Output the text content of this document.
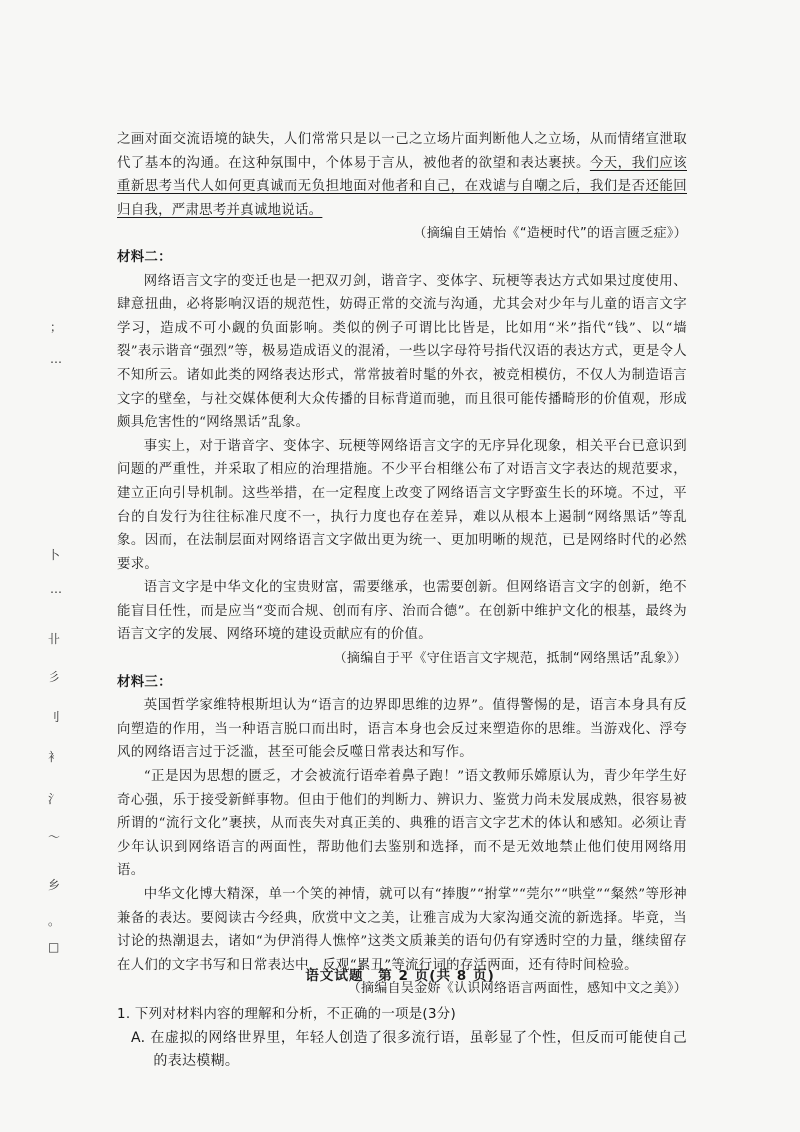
之画对面交流语境的缺失，人们常常只是以一己之立场片面判断他人之立场，从而情绪宣泄取代了基本的沟通。在这种氛围中，个体易于言从，被他者的欲望和表达裹挟。今天，我们应该重新思考当代人如何更真诚而无负担地面对他者和自己，在戏谑与自嘲之后，我们是否还能回归自我，严肃思考并真诚地说话。

（摘编自王婧怡《“造梗时代”的语言匮乏症》）

材料二：

网络语言文字的变迁也是一把双刃剑，谐音字、变体字、玩梗等表达方式如果过度使用、肆意扭曲，必将影响汉语的规范性，妨碍正常的交流与沟通，尤其会对少年与儿童的语言文字学习，造成不可小觑的负面影响。类似的例子可谓比比皆是，比如用“米”指代“钱”、以“墙裂”表示谐音“强烈”等，极易造成语义的混淆，一些以字母符号指代汉语的表达方式，更是令人不知所云。诸如此类的网络表达形式，常常披着时髦的外衣，被竞相模仿，不仅人为制造语言文字的壁垒，与社交媒体便利大众传播的目标背道而驰，而且很可能传播畸形的价值观，形成颇具危害性的“网络黑话”乱象。

事实上，对于谐音字、变体字、玩梗等网络语言文字的无序异化现象，相关平台已意识到问题的严重性，并采取了相应的治理措施。不少平台相继公布了对语言文字表达的规范要求，建立正向引导机制。这些举措，在一定程度上改变了网络语言文字野蛮生长的环境。不过，平台的自发行为往往标准尺度不一，执行力度也存在差异，难以从根本上遏制“网络黑话”等乱象。因而，在法制层面对网络语言文字做出更为统一、更加明晰的规范，已是网络时代的必然要求。

语言文字是中华文化的宝贵财富，需要继承，也需要创新。但网络语言文字的创新，绝不能盲目任性，而是应当“变而合规、创而有序、治而合德”。在创新中维护文化的根基，最终为语言文字的发展、网络环境的建设贡献应有的价值。

（摘编自于平《守住语言文字规范，抵制“网络黑话”乱象》）

材料三：

英国哲学家维特根斯坦认为“语言的边界即思维的边界”。值得警惕的是，语言本身具有反向塑造的作用，当一种语言脱口而出时，语言本身也会反过来塑造你的思维。当游戏化、浮夸风的网络语言过于泛滥，甚至可能会反噬日常表达和写作。

“正是因为思想的匮乏，才会被流行语牵着鼻子跑！”语文教师乐嫦原认为，青少年学生好奇心强，乐于接受新鲜事物。但由于他们的判断力、辨识力、鉴赏力尚未发展成熟，很容易被所谓的“流行文化”裹挟，从而丧失对真正美的、典雅的语言文字艺术的体认和感知。必须让青少年认识到网络语言的两面性，帮助他们去鉴别和选择，而不是无效地禁止他们使用网络用语。

中华文化博大精深，单一个笑的神情，就可以有“捧腹”“拊掌”“莞尔”“哄堂”“粲然”等形神兼备的表达。要阅读古今经典，欣赏中文之美，让雅言成为大家沟通交流的新选择。毕竟，当讨论的热潮退去，诸如“为伊消得人憔悴”这类文质兼美的语句仍有穿透时空的力量，继续留存在人们的文字书写和日常表达中，反观“累丑”等流行词的存活两面，还有待时间检验。

（摘编自吴金娇《认识网络语言两面性，感知中文之美》）

1. 下列对材料内容的理解和分析，不正确的一项是(3分)

A. 在虚拟的网络世界里，年轻人创造了很多流行语，虽彰显了个性，但反而可能使自己的表达模糊。

语文试题　第 2 页(共 8 页)
；
…
卜
…
卝
彡
刂
衤
氵
～
乡
。
□
